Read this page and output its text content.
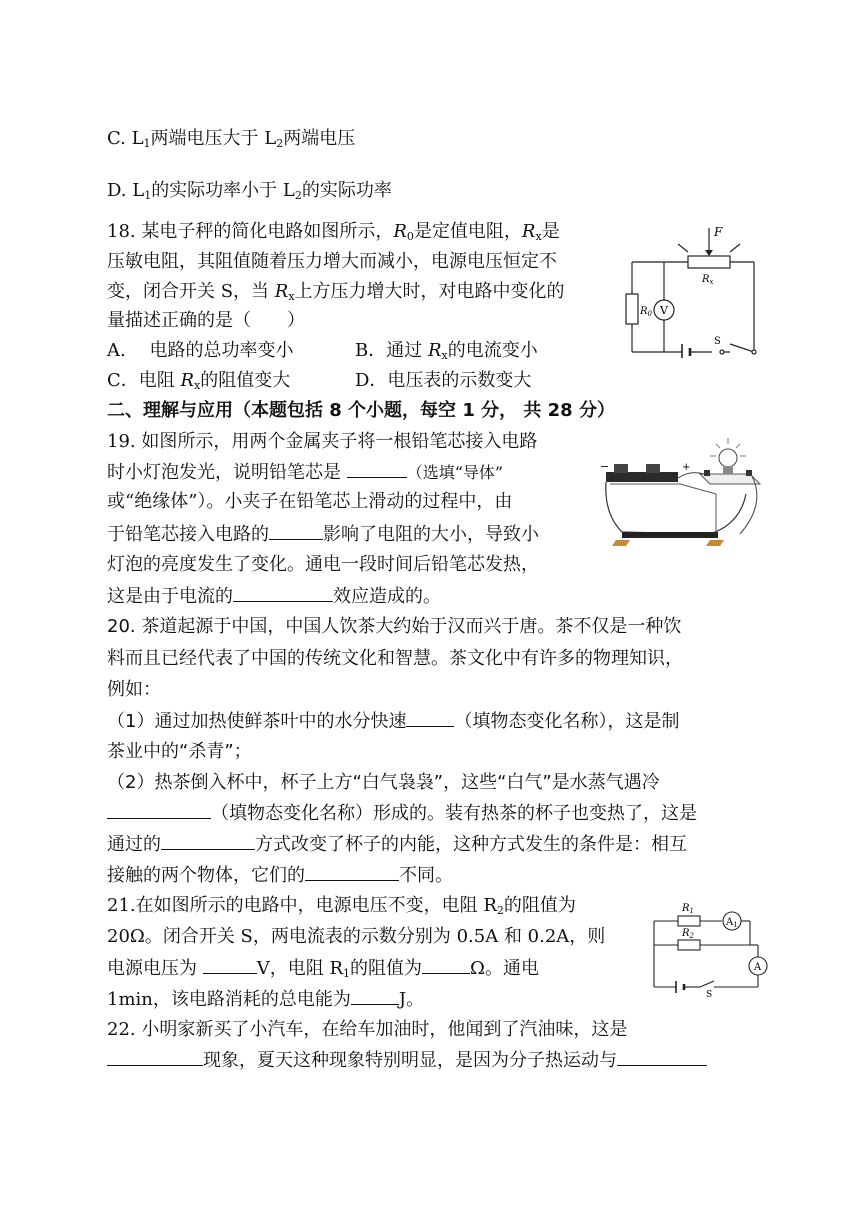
C. $L_1$两端电压大于 $L_2$两端电压
D. $L_1$的实际功率小于 $L_2$的实际功率
18. 某电子秤的简化电路如图所示，$R_0$是定值电阻，$R_x$是
压敏电阻，其阻值随着压力增大而减小，电源电压恒定不
变，闭合开关 S，当 $R_x$上方压力增大时，对电路中变化的
量描述正确的是（　　）
A.　 电路的总功率变小	B．通过 $R_x$的电流变小
C．电阻 $R_x$的阻值变大	D．电压表的示数变大
F
$R_x$
$R_0$ V
S
二、理解与应用（本题包括 8 个小题，每空 1 分， 共 28 分）
19. 如图所示，用两个金属夹子将一根铅笔芯接入电路
时小灯泡发光，说明铅笔芯是	（选填“导体”
或“绝缘体”）。小夹子在铅笔芯上滑动的过程中，由
于铅笔芯接入电路的	影响了电阻的大小，导致小
灯泡的亮度发生了变化。通电一段时间后铅笔芯发热，
这是由于电流的	效应造成的。
−	+
20. 茶道起源于中国，中国人饮茶大约始于汉而兴于唐。茶不仅是一种饮
料而且已经代表了中国的传统文化和智慧。茶文化中有许多的物理知识，
例如：
（1）通过加热使鲜茶叶中的水分快速	（填物态变化名称），这是制
茶业中的“杀青”；
（2）热茶倒入杯中，杯子上方“白气袅袅”，这些“白气”是水蒸气遇冷
（填物态变化名称）形成的。装有热茶的杯子也变热了，这是
通过的	方式改变了杯子的内能，这种方式发生的条件是：相互
接触的两个物体，它们的	不同。
21.在如图所示的电路中，电源电压不变，电阻 $R_2$的阻值为
20Ω。闭合开关 S，两电流表的示数分别为 0.5A 和 0.2A，则
电源电压为	V，电阻 $R_1$的阻值为	Ω。通电
1min，该电路消耗的总电能为	J。
$R_1$
$R_2$
$A_1$
A
S
22. 小明家新买了小汽车，在给车加油时，他闻到了汽油味，这是
现象，夏天这种现象特别明显，是因为分子热运动与
